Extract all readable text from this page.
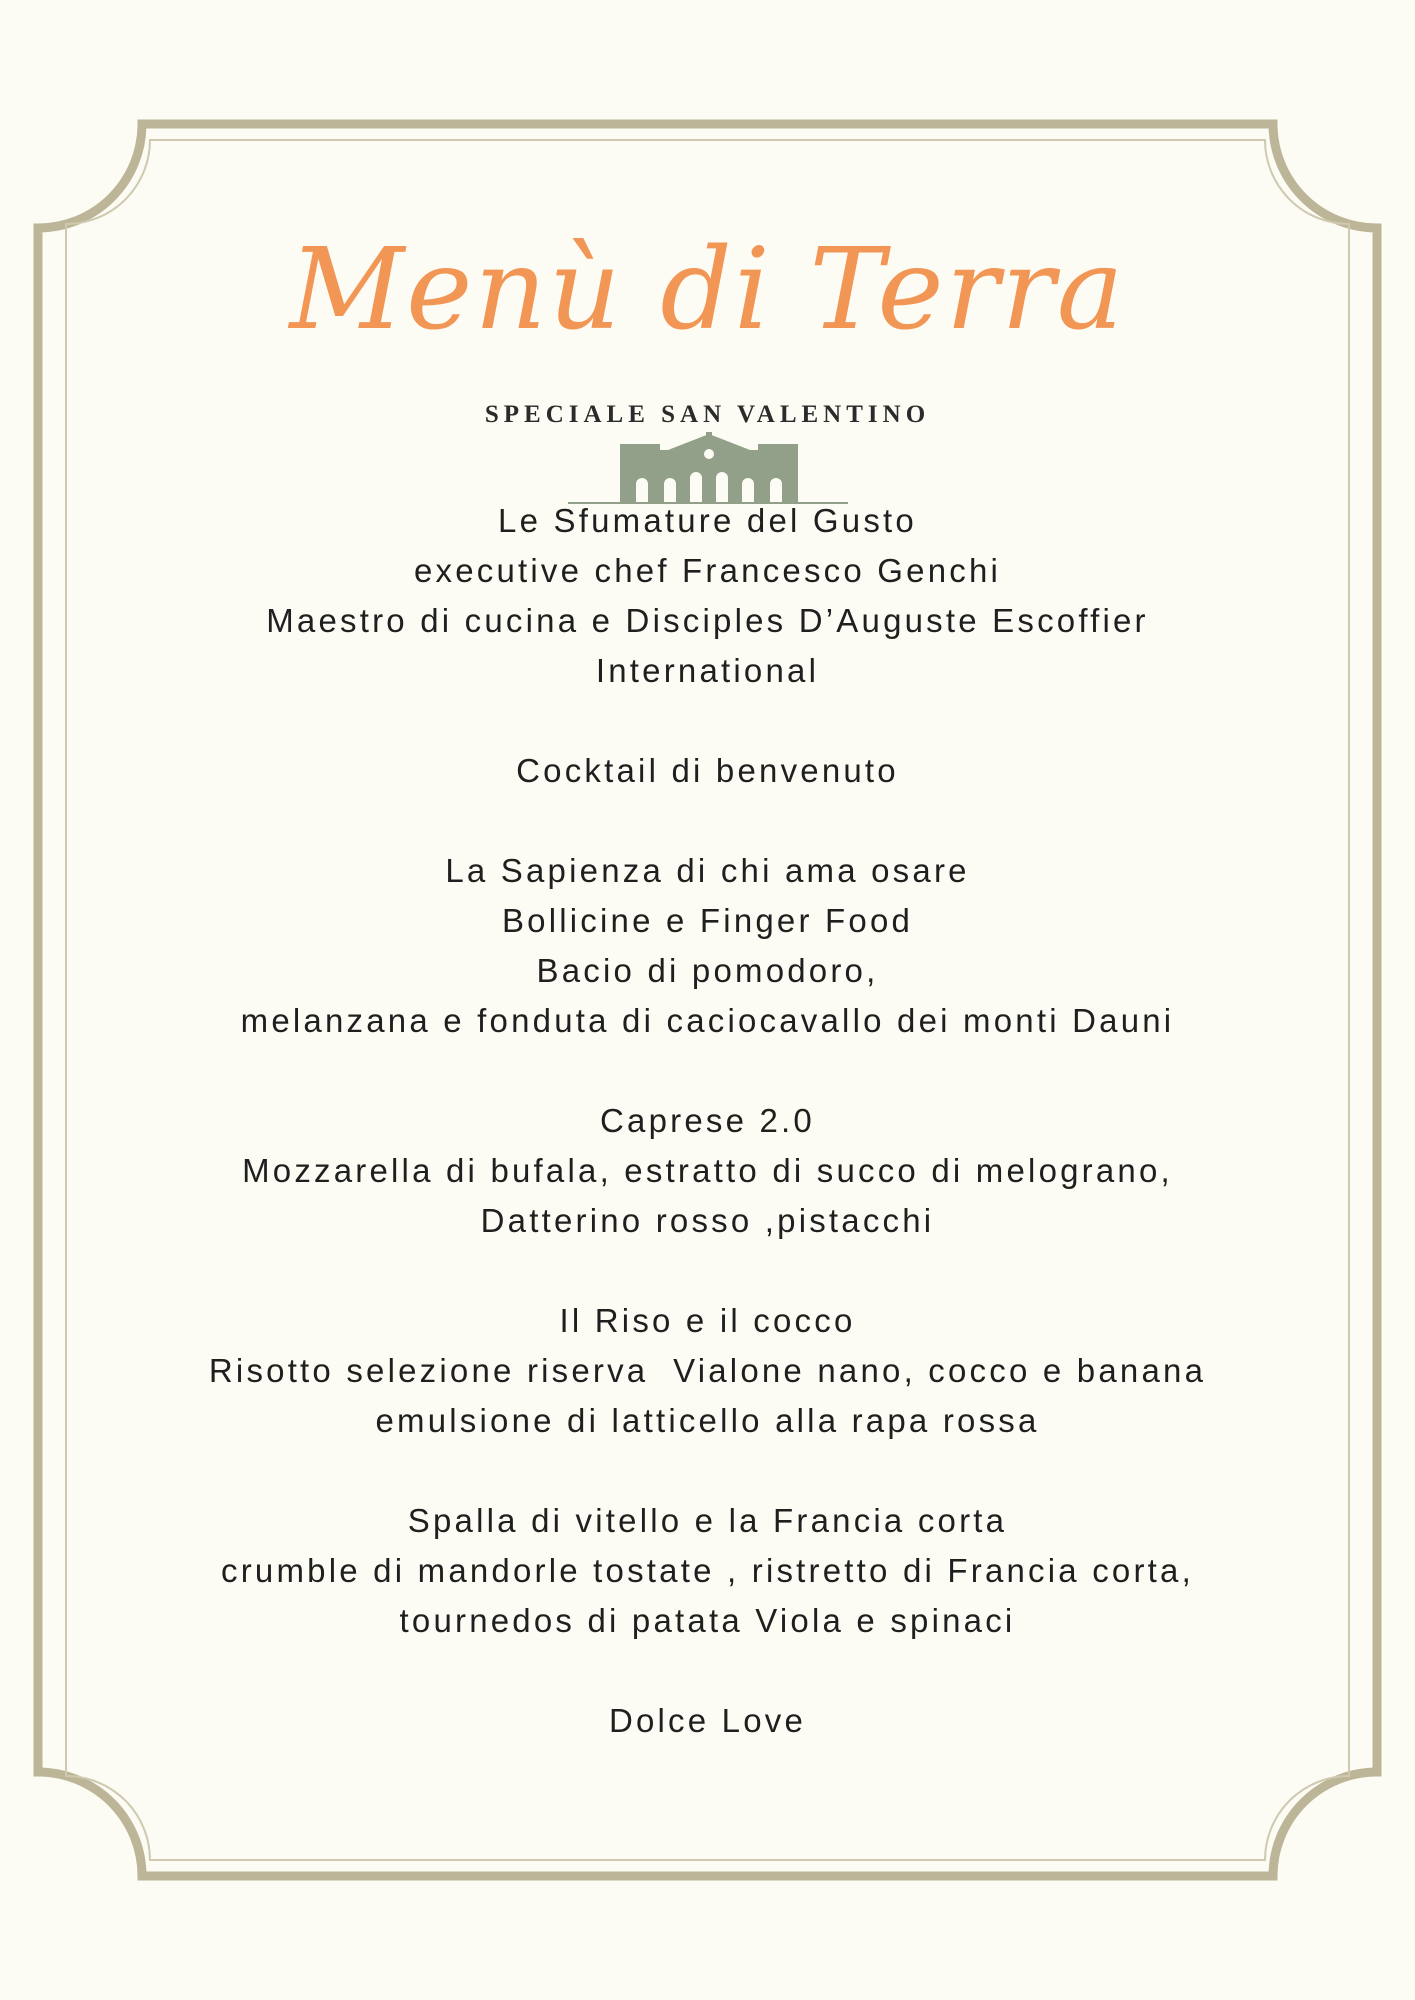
Menù di Terra
SPECIALE SAN VALENTINO
Le Sfumature del Gusto
executive chef Francesco Genchi
Maestro di cucina e Disciples D’Auguste Escoffier
International
Cocktail di benvenuto
La Sapienza di chi ama osare
Bollicine e Finger Food
Bacio di pomodoro,
melanzana e fonduta di caciocavallo dei monti Dauni
Caprese 2.0
Mozzarella di bufala, estratto di succo di melograno,
Datterino rosso ,pistacchi
Il Riso e il cocco
Risotto selezione riserva  Vialone nano, cocco e banana
emulsione di latticello alla rapa rossa
Spalla di vitello e la Francia corta
crumble di mandorle tostate , ristretto di Francia corta,
tournedos di patata Viola e spinaci
Dolce Love
